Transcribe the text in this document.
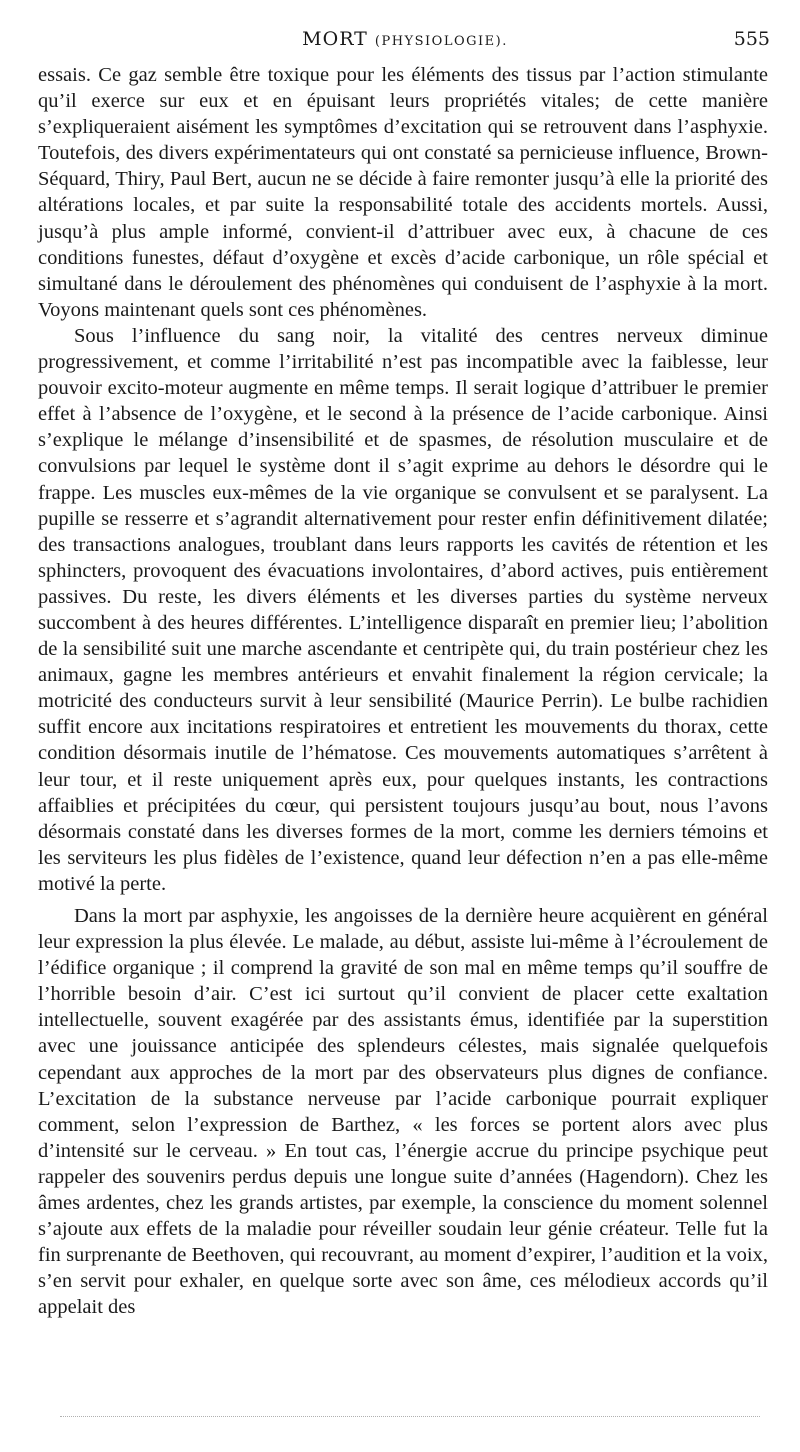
MORT (PHYSIOLOGIE).	555

essais. Ce gaz semble être toxique pour les éléments des tissus par l’action stimulante qu’il exerce sur eux et en épuisant leurs propriétés vitales; de cette manière s’expliqueraient aisément les symptômes d’excitation qui se retrouvent dans l’asphyxie. Toutefois, des divers expérimentateurs qui ont constaté sa pernicieuse influence, Brown-Séquard, Thiry, Paul Bert, aucun ne se décide à faire remonter jusqu’à elle la priorité des altérations locales, et par suite la responsabilité totale des accidents mortels. Aussi, jusqu’à plus ample informé, convient-il d’attribuer avec eux, à chacune de ces conditions funestes, défaut d’oxygène et excès d’acide carbonique, un rôle spécial et simultané dans le déroulement des phénomènes qui conduisent de l’asphyxie à la mort. Voyons maintenant quels sont ces phénomènes.

Sous l’influence du sang noir, la vitalité des centres nerveux diminue progressivement, et comme l’irritabilité n’est pas incompatible avec la faiblesse, leur pouvoir excito-moteur augmente en même temps. Il serait logique d’attribuer le premier effet à l’absence de l’oxygène, et le second à la présence de l’acide carbonique. Ainsi s’explique le mélange d’insensibilité et de spasmes, de résolution musculaire et de convulsions par lequel le système dont il s’agit exprime au dehors le désordre qui le frappe. Les muscles eux-mêmes de la vie organique se convulsent et se paralysent. La pupille se resserre et s’agrandit alternativement pour rester enfin définitivement dilatée; des transactions analogues, troublant dans leurs rapports les cavités de rétention et les sphincters, provoquent des évacuations involontaires, d’abord actives, puis entièrement passives. Du reste, les divers éléments et les diverses parties du système nerveux succombent à des heures différentes. L’intelligence disparaît en premier lieu; l’abolition de la sensibilité suit une marche ascendante et centripète qui, du train postérieur chez les animaux, gagne les membres antérieurs et envahit finalement la région cervicale; la motricité des conducteurs survit à leur sensibilité (Maurice Perrin). Le bulbe rachidien suffit encore aux incitations respiratoires et entretient les mouvements du thorax, cette condition désormais inutile de l’hématose. Ces mouvements automatiques s’arrêtent à leur tour, et il reste uniquement après eux, pour quelques instants, les contractions affaiblies et précipitées du cœur, qui persistent toujours jusqu’au bout, nous l’avons désormais constaté dans les diverses formes de la mort, comme les derniers témoins et les serviteurs les plus fidèles de l’existence, quand leur défection n’en a pas elle-même motivé la perte.

Dans la mort par asphyxie, les angoisses de la dernière heure acquièrent en général leur expression la plus élevée. Le malade, au début, assiste lui-même à l’écroulement de l’édifice organique ; il comprend la gravité de son mal en même temps qu’il souffre de l’horrible besoin d’air. C’est ici surtout qu’il convient de placer cette exaltation intellectuelle, souvent exagérée par des assistants émus, identifiée par la superstition avec une jouissance anticipée des splendeurs célestes, mais signalée quelquefois cependant aux approches de la mort par des observateurs plus dignes de confiance. L’excitation de la substance nerveuse par l’acide carbonique pourrait expliquer comment, selon l’expression de Barthez, « les forces se portent alors avec plus d’intensité sur le cerveau. » En tout cas, l’énergie accrue du principe psychique peut rappeler des souvenirs perdus depuis une longue suite d’années (Hagendorn). Chez les âmes ardentes, chez les grands artistes, par exemple, la conscience du moment solennel s’ajoute aux effets de la maladie pour réveiller soudain leur génie créateur. Telle fut la fin surprenante de Beethoven, qui recouvrant, au moment d’expirer, l’audition et la voix, s’en servit pour exhaler, en quelque sorte avec son âme, ces mélodieux accords qu’il appelait des
